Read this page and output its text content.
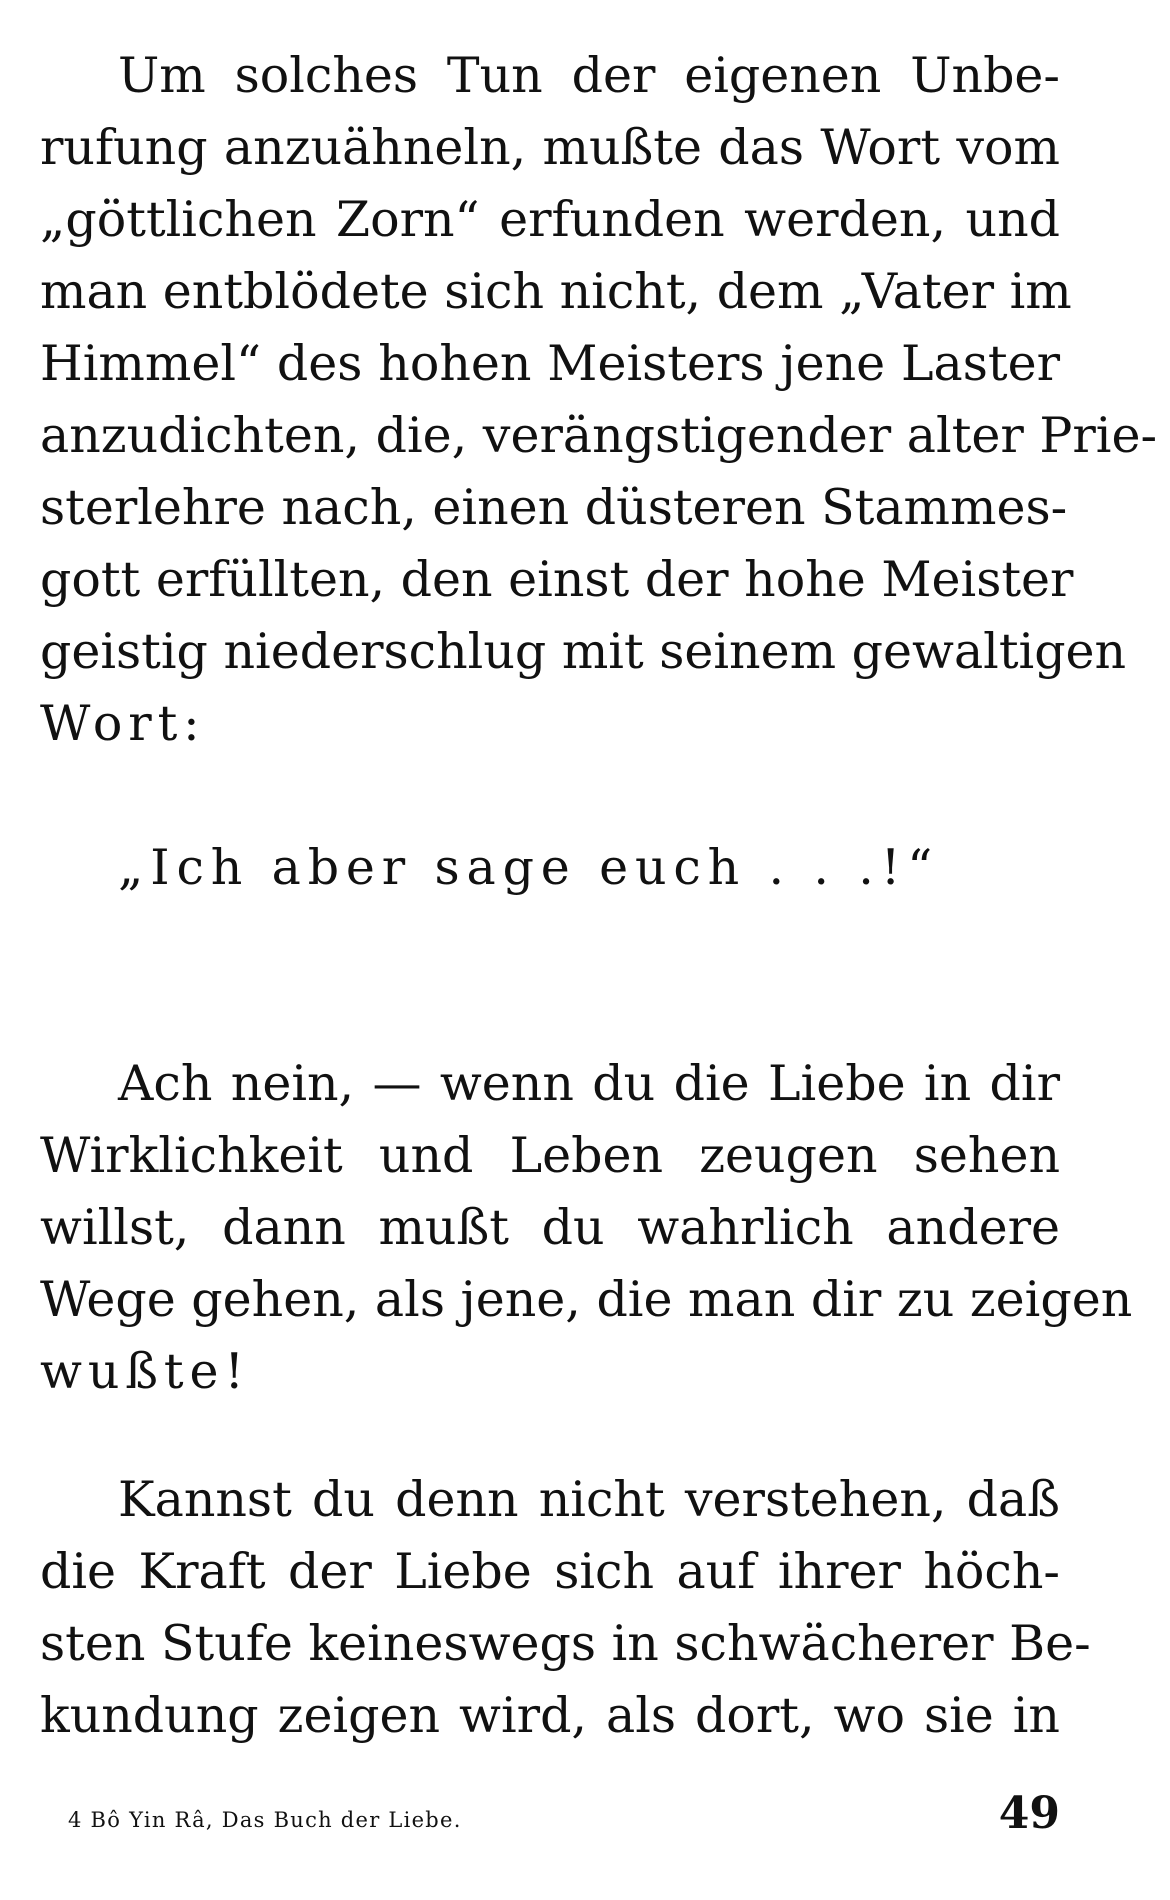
Um solches Tun der eigenen Unbe-
rufung anzuähneln, mußte das Wort vom
„göttlichen Zorn“ erfunden werden, und
man entblödete sich nicht, dem „Vater im
Himmel“ des hohen Meisters jene Laster
anzudichten, die, verängstigender alter Prie-
sterlehre nach, einen düsteren Stammes-
gott erfüllten, den einst der hohe Meister
geistig niederschlug mit seinem gewaltigen
Wort:
„Ich aber sage euch . . .!“
Ach nein, — wenn du die Liebe in dir
Wirklichkeit und Leben zeugen sehen
willst, dann mußt du wahrlich andere
Wege gehen, als jene, die man dir zu zeigen
wußte!
Kannst du denn nicht verstehen, daß
die Kraft der Liebe sich auf ihrer höch-
sten Stufe keineswegs in schwächerer Be-
kundung zeigen wird, als dort, wo sie in
4 Bô Yin Râ, Das Buch der Liebe.	49
